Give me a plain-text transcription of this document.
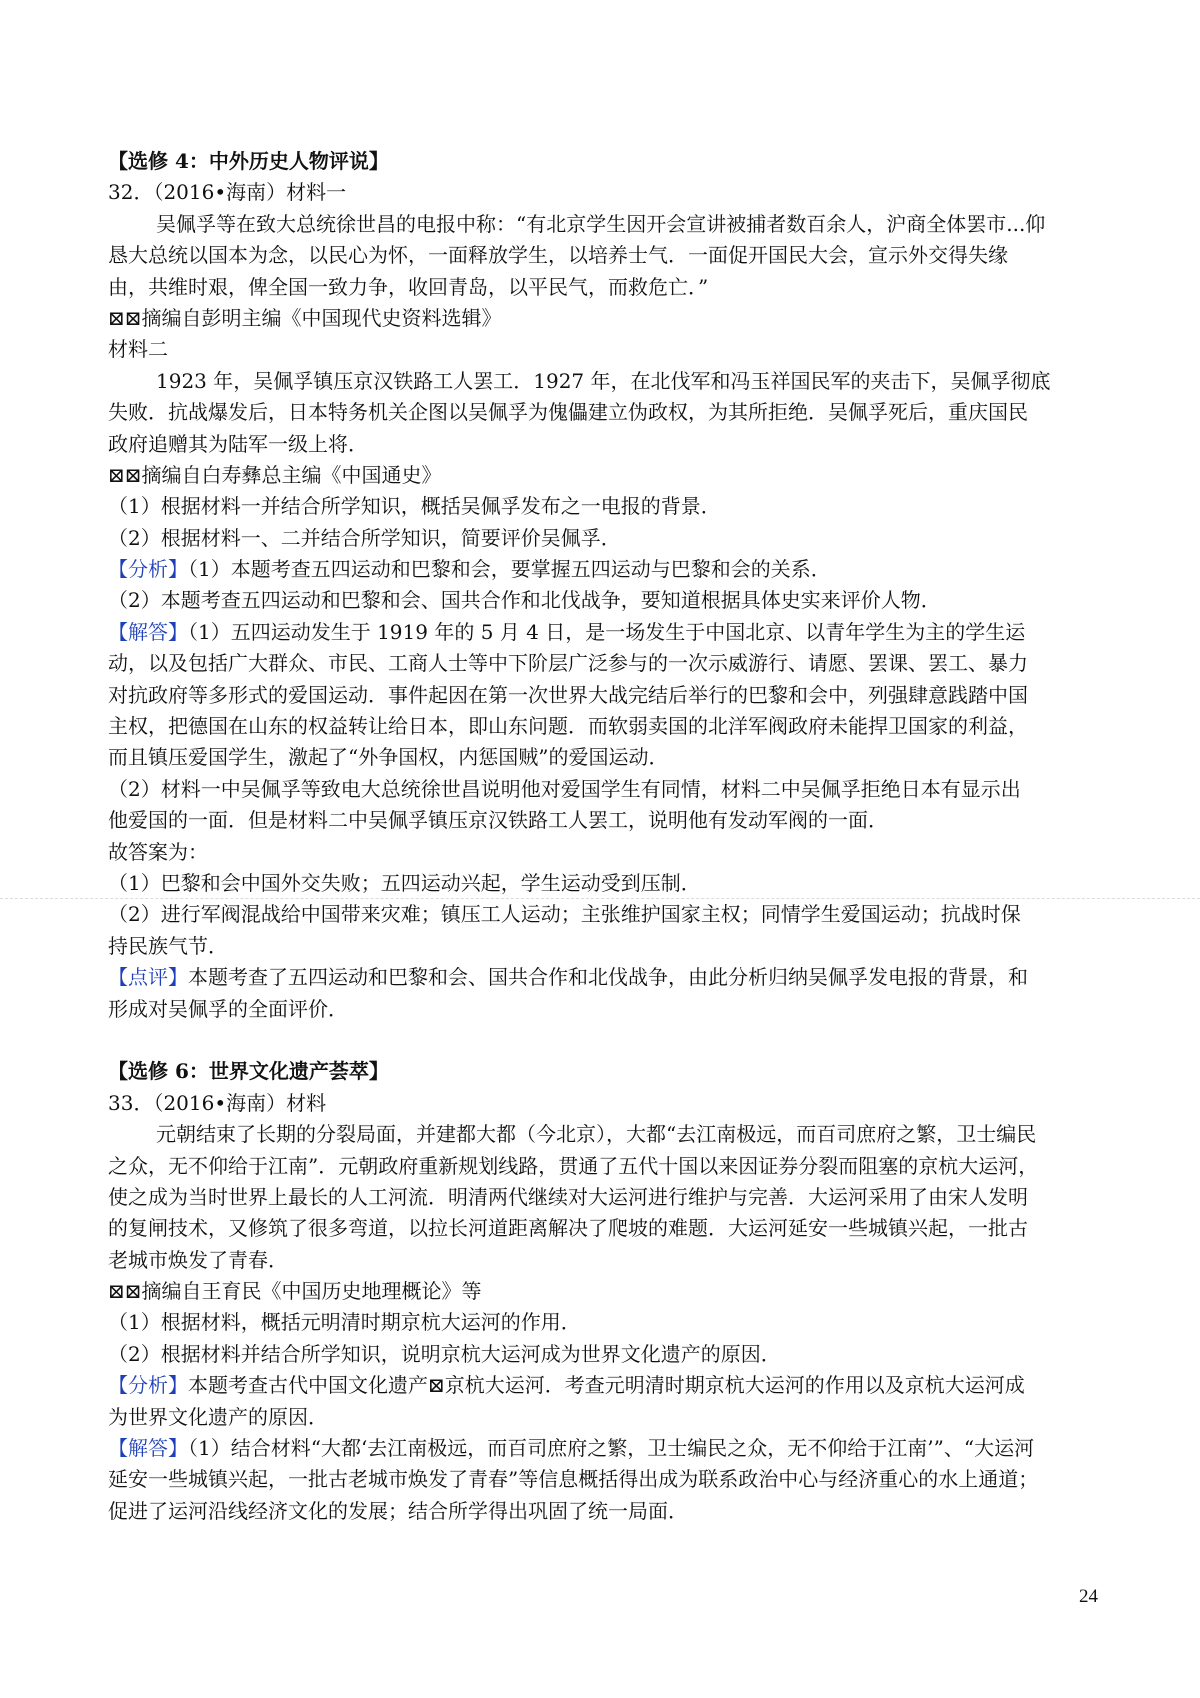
【选修 4：中外历史人物评说】
32．（2016•海南）材料一
吴佩孚等在致大总统徐世昌的电报中称：“有北京学生因开会宣讲被捕者数百余人，沪商全体罢市...仰
恳大总统以国本为念，以民心为怀，一面释放学生，以培养士气．一面促开国民大会，宣示外交得失缘
由，共维时艰，俾全国一致力争，收回青岛，以平民气，而救危亡．”
⊠⊠摘编自彭明主编《中国现代史资料选辑》
材料二
1923 年，吴佩孚镇压京汉铁路工人罢工．1927 年，在北伐军和冯玉祥国民军的夹击下，吴佩孚彻底
失败．抗战爆发后，日本特务机关企图以吴佩孚为傀儡建立伪政权，为其所拒绝．吴佩孚死后，重庆国民
政府追赠其为陆军一级上将．
⊠⊠摘编自白寿彝总主编《中国通史》
（1）根据材料一并结合所学知识，概括吴佩孚发布之一电报的背景．
（2）根据材料一、二并结合所学知识，简要评价吴佩孚．
【分析】（1）本题考查五四运动和巴黎和会，要掌握五四运动与巴黎和会的关系．
（2）本题考查五四运动和巴黎和会、国共合作和北伐战争，要知道根据具体史实来评价人物．
【解答】（1）五四运动发生于 1919 年的 5 月 4 日，是一场发生于中国北京、以青年学生为主的学生运
动，以及包括广大群众、市民、工商人士等中下阶层广泛参与的一次示威游行、请愿、罢课、罢工、暴力
对抗政府等多形式的爱国运动．事件起因在第一次世界大战完结后举行的巴黎和会中，列强肆意践踏中国
主权，把德国在山东的权益转让给日本，即山东问题．而软弱卖国的北洋军阀政府未能捍卫国家的利益，
而且镇压爱国学生，激起了“外争国权，内惩国贼”的爱国运动．
（2）材料一中吴佩孚等致电大总统徐世昌说明他对爱国学生有同情，材料二中吴佩孚拒绝日本有显示出
他爱国的一面．但是材料二中吴佩孚镇压京汉铁路工人罢工，说明他有发动军阀的一面．
故答案为：
（1）巴黎和会中国外交失败；五四运动兴起，学生运动受到压制．
（2）进行军阀混战给中国带来灾难；镇压工人运动；主张维护国家主权；同情学生爱国运动；抗战时保
持民族气节．
【点评】本题考查了五四运动和巴黎和会、国共合作和北伐战争，由此分析归纳吴佩孚发电报的背景，和
形成对吴佩孚的全面评价．
【选修 6：世界文化遗产荟萃】
33．（2016•海南）材料
元朝结束了长期的分裂局面，并建都大都（今北京），大都“去江南极远，而百司庶府之繁，卫士编民
之众，无不仰给于江南”．元朝政府重新规划线路，贯通了五代十国以来因证券分裂而阻塞的京杭大运河，
使之成为当时世界上最长的人工河流．明清两代继续对大运河进行维护与完善．大运河采用了由宋人发明
的复闸技术，又修筑了很多弯道，以拉长河道距离解决了爬坡的难题．大运河延安一些城镇兴起，一批古
老城市焕发了青春．
⊠⊠摘编自王育民《中国历史地理概论》等
（1）根据材料，概括元明清时期京杭大运河的作用．
（2）根据材料并结合所学知识，说明京杭大运河成为世界文化遗产的原因．
【分析】本题考查古代中国文化遗产⊠京杭大运河．考查元明清时期京杭大运河的作用以及京杭大运河成
为世界文化遗产的原因．
【解答】（1）结合材料“大都‘去江南极远，而百司庶府之繁，卫士编民之众，无不仰给于江南’”、“大运河
延安一些城镇兴起，一批古老城市焕发了青春”等信息概括得出成为联系政治中心与经济重心的水上通道；
促进了运河沿线经济文化的发展；结合所学得出巩固了统一局面．
24
